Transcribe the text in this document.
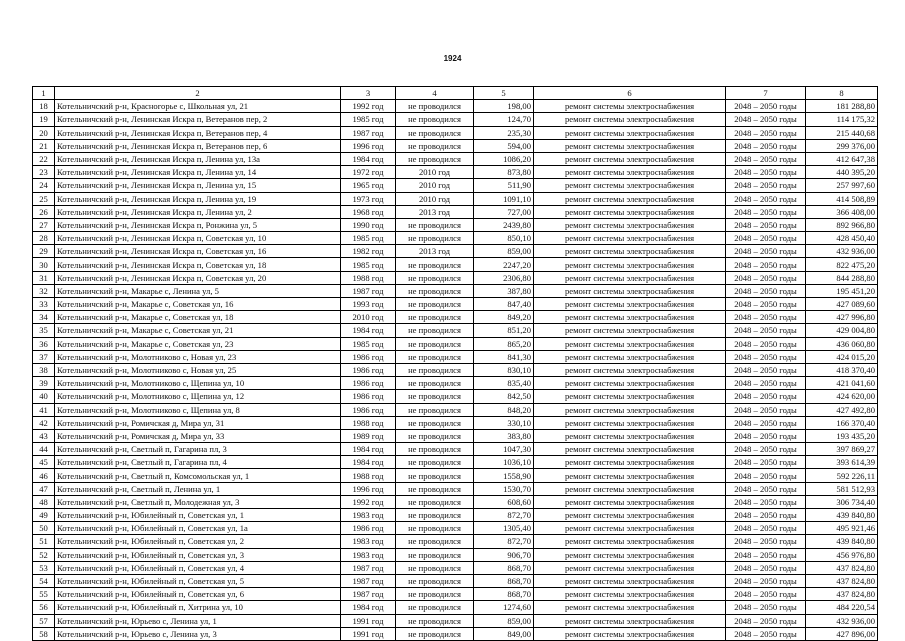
1924
1	2	3	4	5	6	7	8
18	Котельничский р-н, Красногорье с, Школьная ул, 21	1992 год	не проводился	198,00	ремонт системы электроснабжения	2048 – 2050 годы	181 288,80
19	Котельничский р-н, Ленинская Искра п, Ветеранов пер, 2	1985 год	не проводился	124,70	ремонт системы электроснабжения	2048 – 2050 годы	114 175,32
20	Котельничский р-н, Ленинская Искра п, Ветеранов пер, 4	1987 год	не проводился	235,30	ремонт системы электроснабжения	2048 – 2050 годы	215 440,68
21	Котельничский р-н, Ленинская Искра п, Ветеранов пер, 6	1996 год	не проводился	594,00	ремонт системы электроснабжения	2048 – 2050 годы	299 376,00
22	Котельничский р-н, Ленинская Искра п, Ленина ул, 13а	1984 год	не проводился	1086,20	ремонт системы электроснабжения	2048 – 2050 годы	412 647,38
23	Котельничский р-н, Ленинская Искра п, Ленина ул, 14	1972 год	2010 год	873,80	ремонт системы электроснабжения	2048 – 2050 годы	440 395,20
24	Котельничский р-н, Ленинская Искра п, Ленина ул, 15	1965 год	2010 год	511,90	ремонт системы электроснабжения	2048 – 2050 годы	257 997,60
25	Котельничский р-н, Ленинская Искра п, Ленина ул, 19	1973 год	2010 год	1091,10	ремонт системы электроснабжения	2048 – 2050 годы	414 508,89
26	Котельничский р-н, Ленинская Искра п, Ленина ул, 2	1968 год	2013 год	727,00	ремонт системы электроснабжения	2048 – 2050 годы	366 408,00
27	Котельничский р-н, Ленинская Искра п, Ронжина ул, 5	1990 год	не проводился	2439,80	ремонт системы электроснабжения	2048 – 2050 годы	892 966,80
28	Котельничский р-н, Ленинская Искра п, Советская ул, 10	1985 год	не проводился	850,10	ремонт системы электроснабжения	2048 – 2050 годы	428 450,40
29	Котельничский р-н, Ленинская Искра п, Советская ул, 16	1982 год	2013 год	859,00	ремонт системы электроснабжения	2048 – 2050 годы	432 936,00
30	Котельничский р-н, Ленинская Искра п, Советская ул, 18	1985 год	не проводился	2247,20	ремонт системы электроснабжения	2048 – 2050 годы	822 475,20
31	Котельничский р-н, Ленинская Искра п, Советская ул, 20	1988 год	не проводился	2306,80	ремонт системы электроснабжения	2048 – 2050 годы	844 288,80
32	Котельничский р-н, Макарье с, Ленина ул, 5	1987 год	не проводился	387,80	ремонт системы электроснабжения	2048 – 2050 годы	195 451,20
33	Котельничский р-н, Макарье с, Советская ул, 16	1993 год	не проводился	847,40	ремонт системы электроснабжения	2048 – 2050 годы	427 089,60
34	Котельничский р-н, Макарье с, Советская ул, 18	2010 год	не проводился	849,20	ремонт системы электроснабжения	2048 – 2050 годы	427 996,80
35	Котельничский р-н, Макарье с, Советская ул, 21	1984 год	не проводился	851,20	ремонт системы электроснабжения	2048 – 2050 годы	429 004,80
36	Котельничский р-н, Макарье с, Советская ул, 23	1985 год	не проводился	865,20	ремонт системы электроснабжения	2048 – 2050 годы	436 060,80
37	Котельничский р-н, Молотниково с, Новая ул, 23	1986 год	не проводился	841,30	ремонт системы электроснабжения	2048 – 2050 годы	424 015,20
38	Котельничский р-н, Молотниково с, Новая ул, 25	1986 год	не проводился	830,10	ремонт системы электроснабжения	2048 – 2050 годы	418 370,40
39	Котельничский р-н, Молотниково с, Щепина ул, 10	1986 год	не проводился	835,40	ремонт системы электроснабжения	2048 – 2050 годы	421 041,60
40	Котельничский р-н, Молотниково с, Щепина ул, 12	1986 год	не проводился	842,50	ремонт системы электроснабжения	2048 – 2050 годы	424 620,00
41	Котельничский р-н, Молотниково с, Щепина ул, 8	1986 год	не проводился	848,20	ремонт системы электроснабжения	2048 – 2050 годы	427 492,80
42	Котельничский р-н, Ромичская д, Мира ул, 31	1988 год	не проводился	330,10	ремонт системы электроснабжения	2048 – 2050 годы	166 370,40
43	Котельничский р-н, Ромичская д, Мира ул, 33	1989 год	не проводился	383,80	ремонт системы электроснабжения	2048 – 2050 годы	193 435,20
44	Котельничский р-н, Светлый п, Гагарина пл, 3	1984 год	не проводился	1047,30	ремонт системы электроснабжения	2048 – 2050 годы	397 869,27
45	Котельничский р-н, Светлый п, Гагарина пл, 4	1984 год	не проводился	1036,10	ремонт системы электроснабжения	2048 – 2050 годы	393 614,39
46	Котельничский р-н, Светлый п, Комсомольская ул, 1	1988 год	не проводился	1558,90	ремонт системы электроснабжения	2048 – 2050 годы	592 226,11
47	Котельничский р-н, Светлый п, Ленина ул, 1	1996 год	не проводился	1530,70	ремонт системы электроснабжения	2048 – 2050 годы	581 512,93
48	Котельничский р-н, Светлый п, Молодежная ул, 3	1992 год	не проводился	608,60	ремонт системы электроснабжения	2048 – 2050 годы	306 734,40
49	Котельничский р-н, Юбилейный п, Советская ул, 1	1983 год	не проводился	872,70	ремонт системы электроснабжения	2048 – 2050 годы	439 840,80
50	Котельничский р-н, Юбилейный п, Советская ул, 1а	1986 год	не проводился	1305,40	ремонт системы электроснабжения	2048 – 2050 годы	495 921,46
51	Котельничский р-н, Юбилейный п, Советская ул, 2	1983 год	не проводился	872,70	ремонт системы электроснабжения	2048 – 2050 годы	439 840,80
52	Котельничский р-н, Юбилейный п, Советская ул, 3	1983 год	не проводился	906,70	ремонт системы электроснабжения	2048 – 2050 годы	456 976,80
53	Котельничский р-н, Юбилейный п, Советская ул, 4	1987 год	не проводился	868,70	ремонт системы электроснабжения	2048 – 2050 годы	437 824,80
54	Котельничский р-н, Юбилейный п, Советская ул, 5	1987 год	не проводился	868,70	ремонт системы электроснабжения	2048 – 2050 годы	437 824,80
55	Котельничский р-н, Юбилейный п, Советская ул, 6	1987 год	не проводился	868,70	ремонт системы электроснабжения	2048 – 2050 годы	437 824,80
56	Котельничский р-н, Юбилейный п, Хитрина ул, 10	1984 год	не проводился	1274,60	ремонт системы электроснабжения	2048 – 2050 годы	484 220,54
57	Котельничский р-н, Юрьево с, Ленина ул, 1	1991 год	не проводился	859,00	ремонт системы электроснабжения	2048 – 2050 годы	432 936,00
58	Котельничский р-н, Юрьево с, Ленина ул, 3	1991 год	не проводился	849,00	ремонт системы электроснабжения	2048 – 2050 годы	427 896,00
